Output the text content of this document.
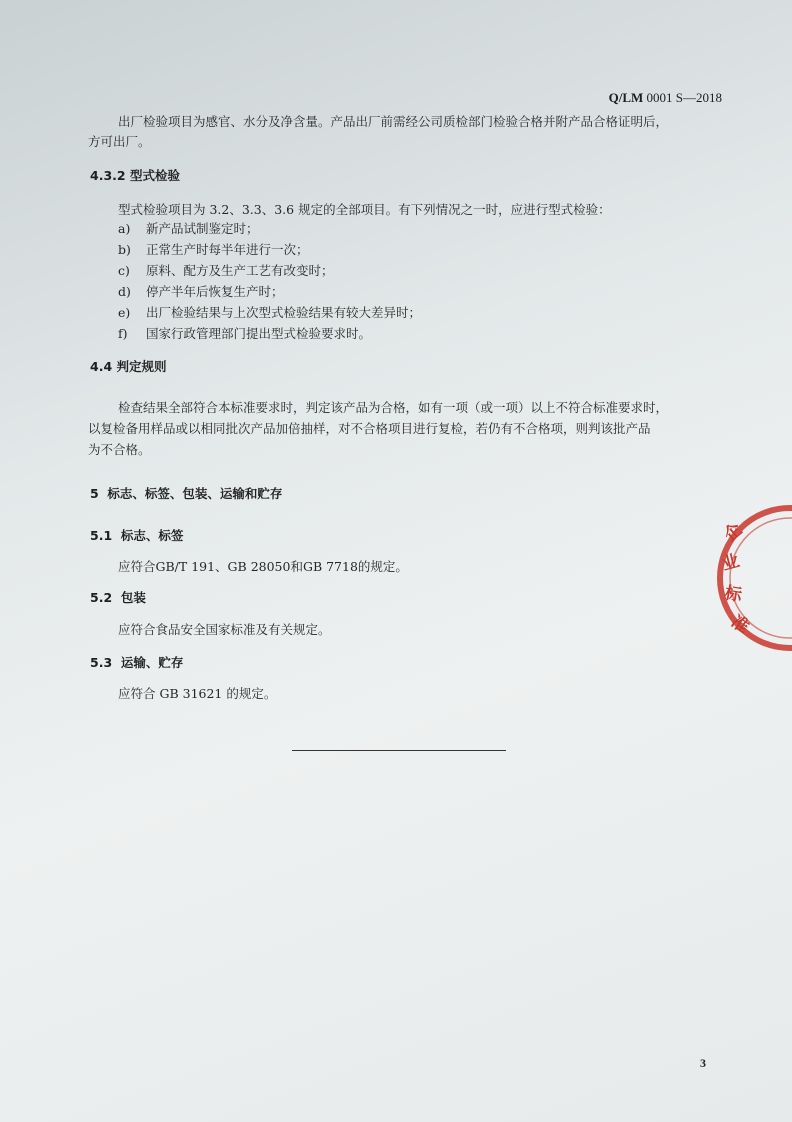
Q/LM 0001 S—2018
出厂检验项目为感官、水分及净含量。产品出厂前需经公司质检部门检验合格并附产品合格证明后，
方可出厂。
4.3.2 型式检验
型式检验项目为 3.2、3.3、3.6 规定的全部项目。有下列情况之一时，应进行型式检验：
a) 新产品试制鉴定时；
b) 正常生产时每半年进行一次；
c) 原料、配方及生产工艺有改变时；
d) 停产半年后恢复生产时；
e) 出厂检验结果与上次型式检验结果有较大差异时；
f) 国家行政管理部门提出型式检验要求时。
4.4 判定规则
检查结果全部符合本标准要求时，判定该产品为合格，如有一项（或一项）以上不符合标准要求时，
以复检备用样品或以相同批次产品加倍抽样，对不合格项目进行复检，若仍有不合格项，则判该批产品
为不合格。
5  标志、标签、包装、运输和贮存
5.1  标志、标签
应符合GB/T 191、GB 28050和GB 7718的规定。
5.2  包装
应符合食品安全国家标准及有关规定。
5.3  运输、贮存
应符合 GB 31621 的规定。
企
业
标
准
3
